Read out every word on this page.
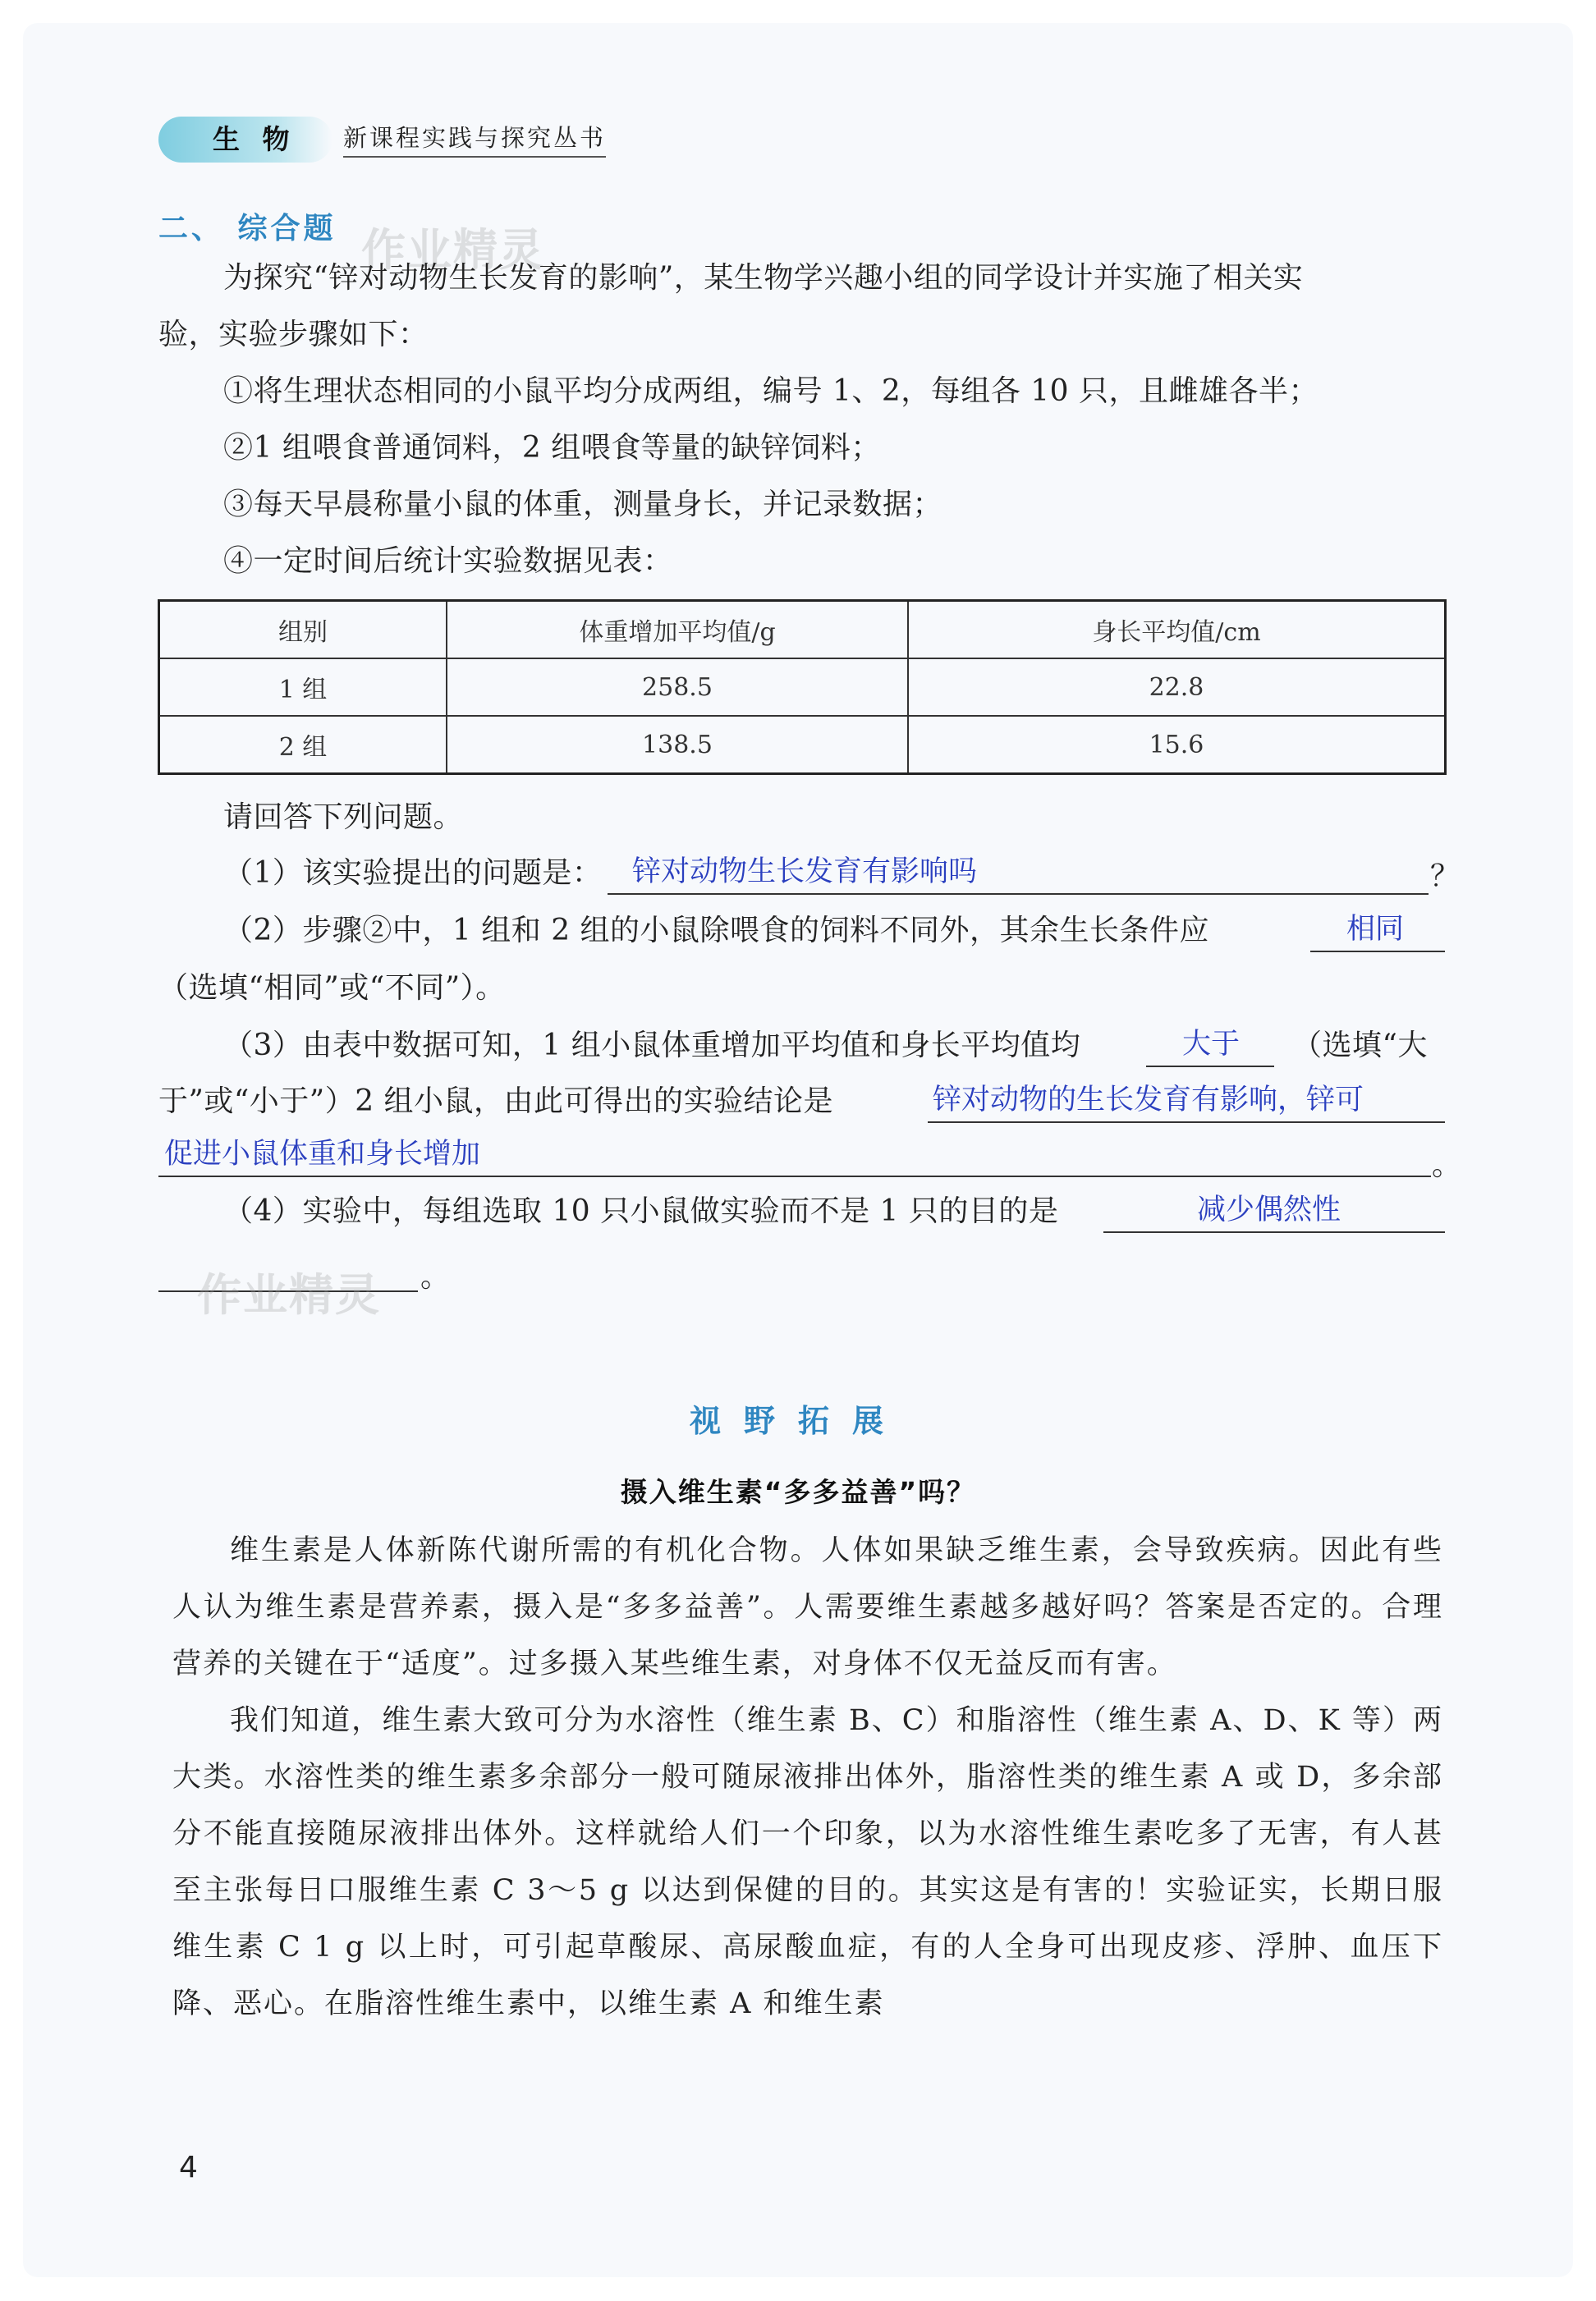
生 物	新课程实践与探究丛书
二、 综合题 作业精灵
为探究“锌对动物生长发育的影响”，某生物学兴趣小组的同学设计并实施了相关实
验，实验步骤如下：
①将生理状态相同的小鼠平均分成两组，编号 1、2，每组各 10 只，且雌雄各半；
②1 组喂食普通饲料，2 组喂食等量的缺锌饲料；
③每天早晨称量小鼠的体重，测量身长，并记录数据；
④一定时间后统计实验数据见表：
组别	体重增加平均值/g	身长平均值/cm
1 组	258.5	22.8
2 组	138.5	15.6
请回答下列问题。
（1）该实验提出的问题是： 锌对动物生长发育有影响吗	？
（2）步骤②中，1 组和 2 组的小鼠除喂食的饲料不同外，其余生长条件应	相同
（选填“相同”或“不同”）。
（3）由表中数据可知，1 组小鼠体重增加平均值和身长平均值均	大于 （选填“大
于”或“小于”）2 组小鼠，由此可得出的实验结论是	锌对动物的生长发育有影响，锌可
促进小鼠体重和身长增加	。
（4）实验中，每组选取 10 只小鼠做实验而不是 1 只的目的是	减少偶然性
。
作业精灵
视野拓展
摄入维生素“多多益善”吗？

维生素是人体新陈代谢所需的有机化合物。人体如果缺乏维生素，会导致疾病。因此有些人认为维生素是营养素，摄入是“多多益善”。人需要维生素越多越好吗？答案是否定的。合理营养的关键在于“适度”。过多摄入某些维生素，对身体不仅无益反而有害。

我们知道，维生素大致可分为水溶性（维生素 B、C）和脂溶性（维生素 A、D、K 等）两大类。水溶性类的维生素多余部分一般可随尿液排出体外，脂溶性类的维生素 A 或 D，多余部分不能直接随尿液排出体外。这样就给人们一个印象，以为水溶性维生素吃多了无害，有人甚至主张每日口服维生素 C 3～5 g 以达到保健的目的。其实这是有害的！实验证实，长期日服维生素 C 1 g 以上时，可引起草酸尿、高尿酸血症，有的人全身可出现皮疹、浮肿、血压下降、恶心。在脂溶性维生素中，以维生素 A 和维生素

4
